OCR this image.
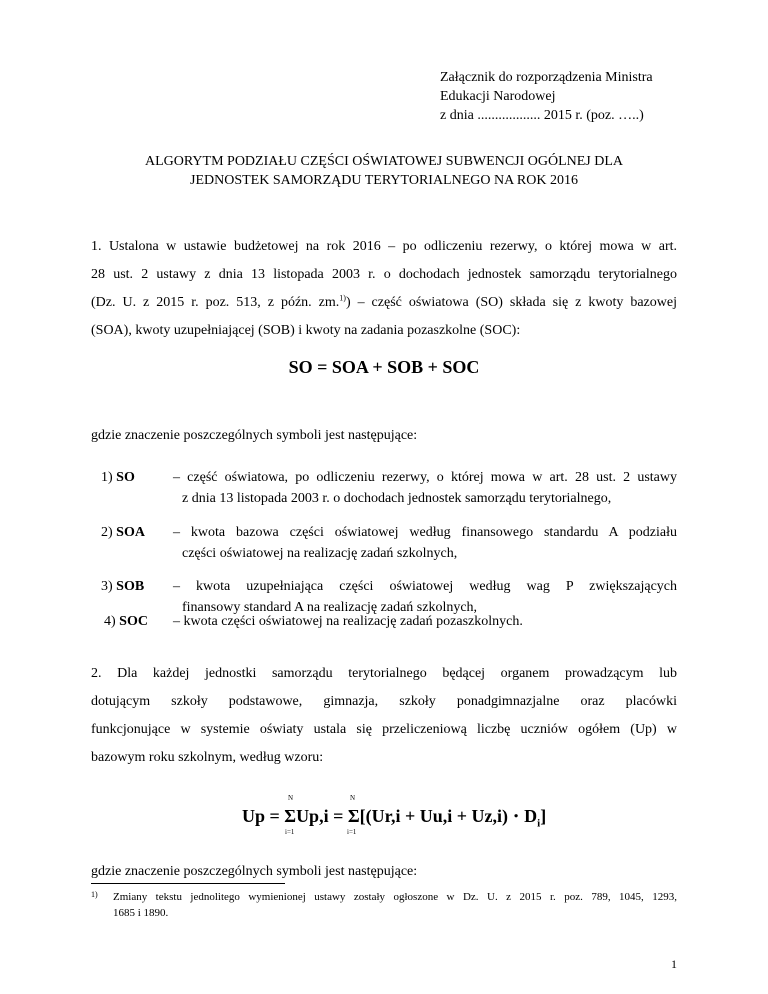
Załącznik do rozporządzenia Ministra
Edukacji Narodowej
z dnia .................. 2015 r. (poz. …..)
ALGORYTM PODZIAŁU CZĘŚCI OŚWIATOWEJ SUBWENCJI OGÓLNEJ DLA
JEDNOSTEK SAMORZĄDU TERYTORIALNEGO NA ROK 2016
1. Ustalona w ustawie budżetowej na rok 2016 – po odliczeniu rezerwy, o której mowa w art.
28 ust. 2 ustawy z dnia 13 listopada 2003 r. o dochodach jednostek samorządu terytorialnego
(Dz. U. z 2015 r. poz. 513, z późn. zm.$^{1)}$) – część oświatowa (SO) składa się z kwoty bazowej
(SOA), kwoty uzupełniającej (SOB) i kwoty na zadania pozaszkolne (SOC):
SO = SOA + SOB + SOC
gdzie znaczenie poszczególnych symboli jest następujące:
1) SO	– część oświatowa, po odliczeniu rezerwy, o której mowa w art. 28 ust. 2 ustawy
z dnia 13 listopada 2003 r. o dochodach jednostek samorządu terytorialnego,
2) SOA – kwota bazowa części oświatowej według finansowego standardu A podziału
części oświatowej na realizację zadań szkolnych,
3) SOB – kwota uzupełniająca części oświatowej według wag P zwiększających
finansowy standard A na realizację zadań szkolnych,
4) SOC – kwota części oświatowej na realizację zadań pozaszkolnych.
2. Dla każdej jednostki samorządu terytorialnego będącej organem prowadzącym lub
dotującym szkoły podstawowe, gimnazja, szkoły ponadgimnazjalne oraz placówki
funkcjonujące w systemie oświaty ustala się przeliczeniową liczbę uczniów ogółem (Up) w
bazowym roku szkolnym, według wzoru:
N
i=1
N
i=1
$Up = \Sigma Up,i = \Sigma[(Ur,i + Uu,i + Uz,i) \cdot D_i]$
gdzie znaczenie poszczególnych symboli jest następujące:
1) Zmiany tekstu jednolitego wymienionej ustawy zostały ogłoszone w Dz. U. z 2015 r. poz. 789, 1045, 1293,
1685 i 1890.
1
